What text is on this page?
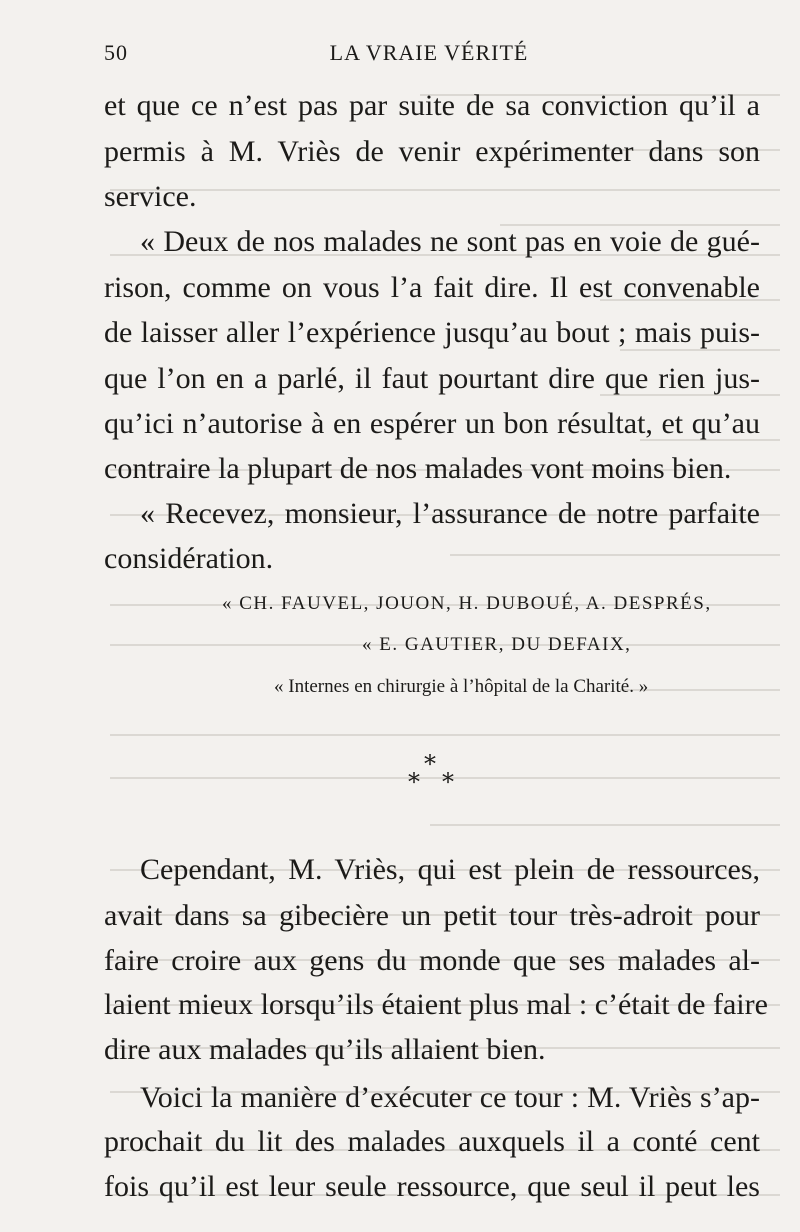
50	LA VRAIE VÉRITÉ
et que ce n’est pas par suite de sa conviction qu’il a
permis à M. Vriès de venir expérimenter dans son
service.
« Deux de nos malades ne sont pas en voie de gué-
rison, comme on vous l’a fait dire. Il est convenable
de laisser aller l’expérience jusqu’au bout ; mais puis-
que l’on en a parlé, il faut pourtant dire que rien jus-
qu’ici n’autorise à en espérer un bon résultat, et qu’au
contraire la plupart de nos malades vont moins bien.
« Recevez, monsieur, l’assurance de notre parfaite
considération.
« CH. FAUVEL, JOUON, H. DUBOUÉ, A. DESPRÉS,
« E. GAUTIER, DU DEFAIX,
« Internes en chirurgie à l’hôpital de la Charité. »
*
* *
Cependant, M. Vriès, qui est plein de ressources,
avait dans sa gibecière un petit tour très-adroit pour
faire croire aux gens du monde que ses malades al-
laient mieux lorsqu’ils étaient plus mal : c’était de faire
dire aux malades qu’ils allaient bien.
Voici la manière d’exécuter ce tour : M. Vriès s’ap-
prochait du lit des malades auxquels il a conté cent
fois qu’il est leur seule ressource, que seul il peut les
